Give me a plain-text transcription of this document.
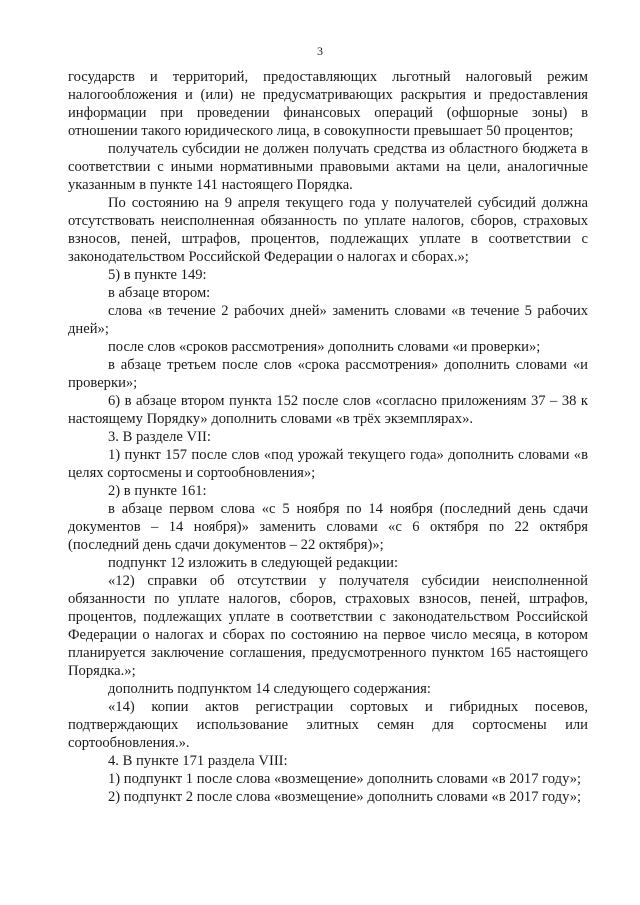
3

государств и территорий, предоставляющих льготный налоговый режим налогообложения и (или) не предусматривающих раскрытия и предоставления информации при проведении финансовых операций (офшорные зоны) в отношении такого юридического лица, в совокупности превышает 50 процентов;

получатель субсидии не должен получать средства из областного бюджета в соответствии с иными нормативными правовыми актами на цели, аналогичные указанным в пункте 141 настоящего Порядка.

По состоянию на 9 апреля текущего года у получателей субсидий должна отсутствовать неисполненная обязанность по уплате налогов, сборов, страховых взносов, пеней, штрафов, процентов, подлежащих уплате в соответствии с законодательством Российской Федерации о налогах и сборах.»;

5) в пункте 149:

в абзаце втором:

слова «в течение 2 рабочих дней» заменить словами «в течение 5 рабочих дней»;

после слов «сроков рассмотрения» дополнить словами «и проверки»;

в абзаце третьем после слов «срока рассмотрения» дополнить словами «и проверки»;

6) в абзаце втором пункта 152 после слов «согласно приложениям 37 – 38 к настоящему Порядку» дополнить словами «в трёх экземплярах».

3. В разделе VII:

1) пункт 157 после слов «под урожай текущего года» дополнить словами «в целях сортосмены и сортообновления»;

2) в пункте 161:

в абзаце первом слова «с 5 ноября по 14 ноября (последний день сдачи документов – 14 ноября)» заменить словами «с 6 октября по 22 октября (последний день сдачи документов – 22 октября)»;

подпункт 12 изложить в следующей редакции:

«12) справки об отсутствии у получателя субсидии неисполненной обязанности по уплате налогов, сборов, страховых взносов, пеней, штрафов, процентов, подлежащих уплате в соответствии с законодательством Российской Федерации о налогах и сборах по состоянию на первое число месяца, в котором планируется заключение соглашения, предусмотренного пунктом 165 настоящего Порядка.»;

дополнить подпунктом 14 следующего содержания:

«14) копии актов регистрации сортовых и гибридных посевов, подтверждающих использование элитных семян для сортосмены или сортообновления.».

4. В пункте 171 раздела VIII:

1) подпункт 1 после слова «возмещение» дополнить словами «в 2017 году»;

2) подпункт 2 после слова «возмещение» дополнить словами «в 2017 году»;
